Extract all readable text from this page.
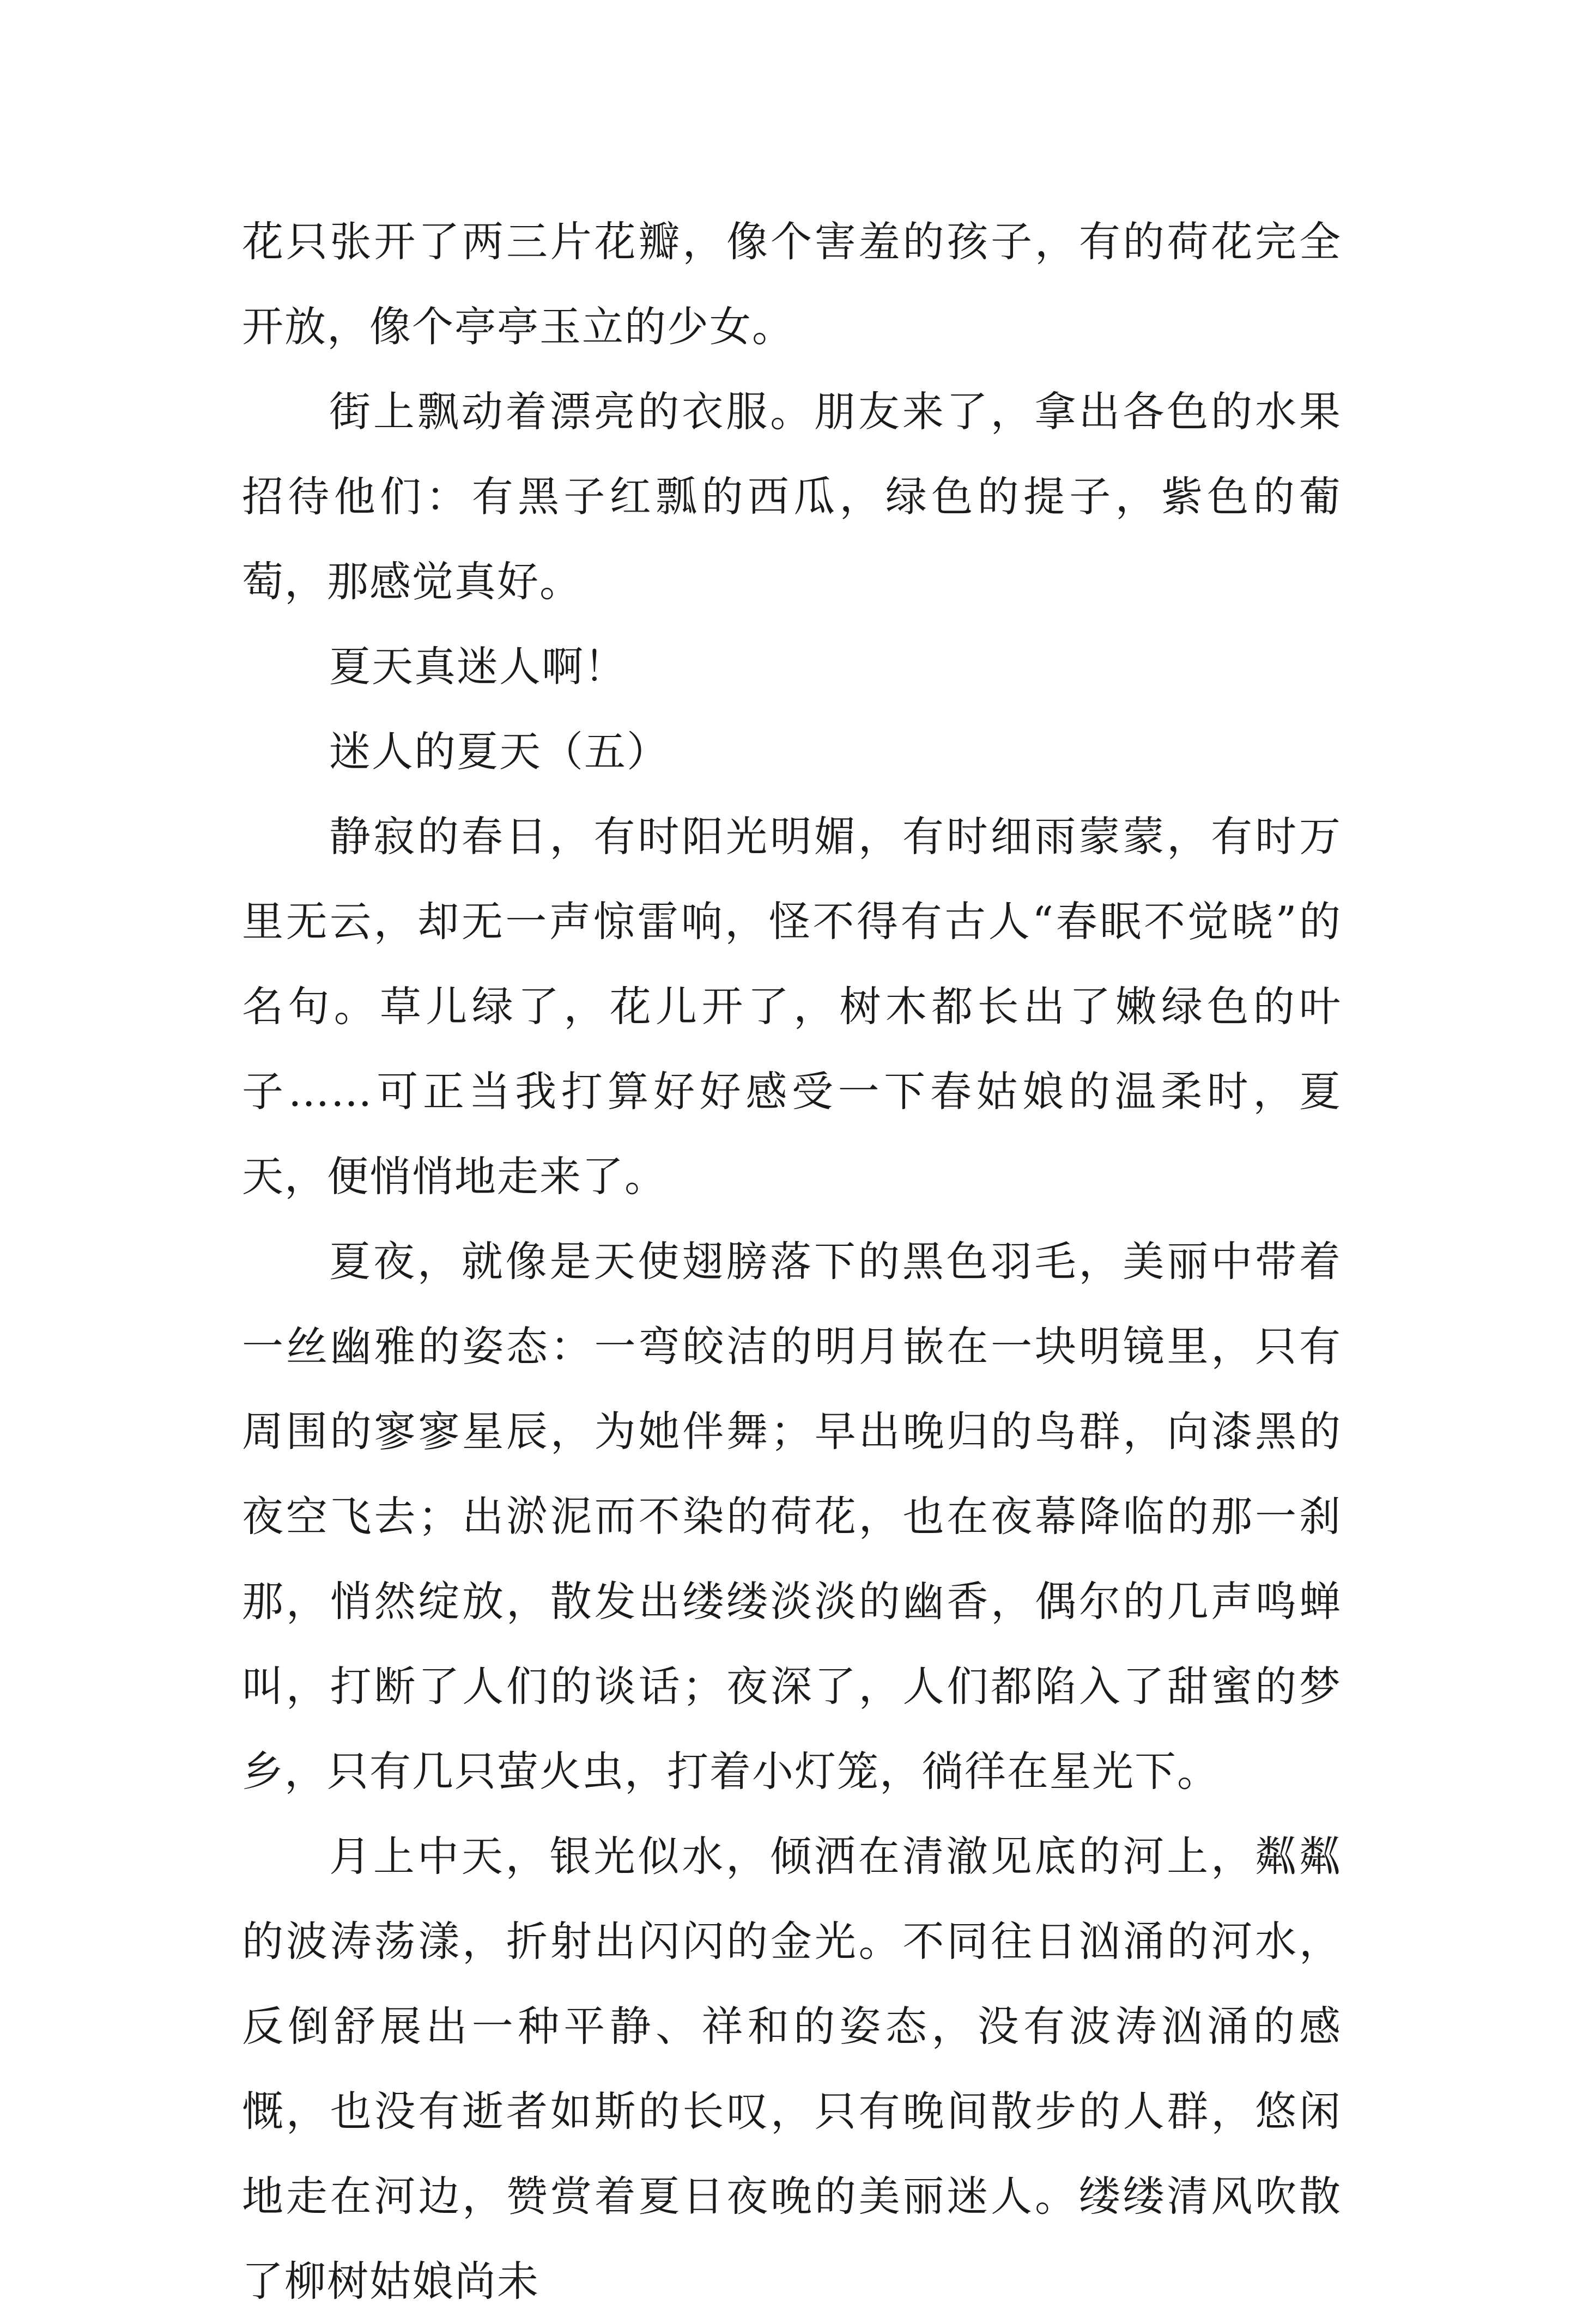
花只张开了两三片花瓣，像个害羞的孩子，有的荷花完全开放，像个亭亭玉立的少女。

街上飘动着漂亮的衣服。朋友来了，拿出各色的水果招待他们：有黑子红瓢的西瓜，绿色的提子，紫色的葡萄，那感觉真好。

夏天真迷人啊！

迷人的夏天（五）

静寂的春日，有时阳光明媚，有时细雨蒙蒙，有时万里无云，却无一声惊雷响，怪不得有古人“春眠不觉晓”的名句。草儿绿了，花儿开了，树木都长出了嫩绿色的叶子……可正当我打算好好感受一下春姑娘的温柔时，夏天，便悄悄地走来了。

夏夜，就像是天使翅膀落下的黑色羽毛，美丽中带着一丝幽雅的姿态：一弯皎洁的明月嵌在一块明镜里，只有周围的寥寥星辰，为她伴舞；早出晚归的鸟群，向漆黑的夜空飞去；出淤泥而不染的荷花，也在夜幕降临的那一刹那，悄然绽放，散发出缕缕淡淡的幽香，偶尔的几声鸣蝉叫，打断了人们的谈话；夜深了，人们都陷入了甜蜜的梦乡，只有几只萤火虫，打着小灯笼，徜徉在星光下。

月上中天，银光似水，倾洒在清澈见底的河上，粼粼的波涛荡漾，折射出闪闪的金光。不同往日汹涌的河水，反倒舒展出一种平静、祥和的姿态，没有波涛汹涌的感慨，也没有逝者如斯的长叹，只有晚间散步的人群，悠闲地走在河边，赞赏着夏日夜晚的美丽迷人。缕缕清风吹散了柳树姑娘尚未
